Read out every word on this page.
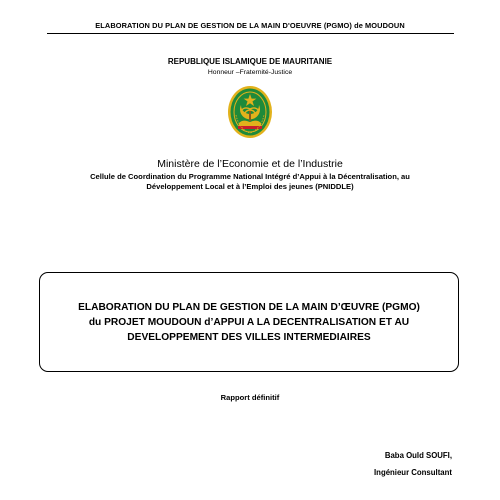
ELABORATION DU PLAN DE GESTION DE LA MAIN D'OEUVRE (PGMO) de MOUDOUN
REPUBLIQUE ISLAMIQUE DE MAURITANIE
Honneur –Fraternité-Justice
Ministère de l’Economie et de l’Industrie
Cellule de Coordination du Programme National Intégré d’Appui à la Décentralisation, au
Développement Local et à l’Emploi des jeunes (PNIDDLE)
ELABORATION DU PLAN DE GESTION DE LA MAIN D’ŒUVRE (PGMO)
du PROJET MOUDOUN d’APPUI A LA DECENTRALISATION ET AU
DEVELOPPEMENT DES VILLES INTERMEDIAIRES
Rapport définitif
Baba Ould SOUFI,
Ingénieur Consultant
